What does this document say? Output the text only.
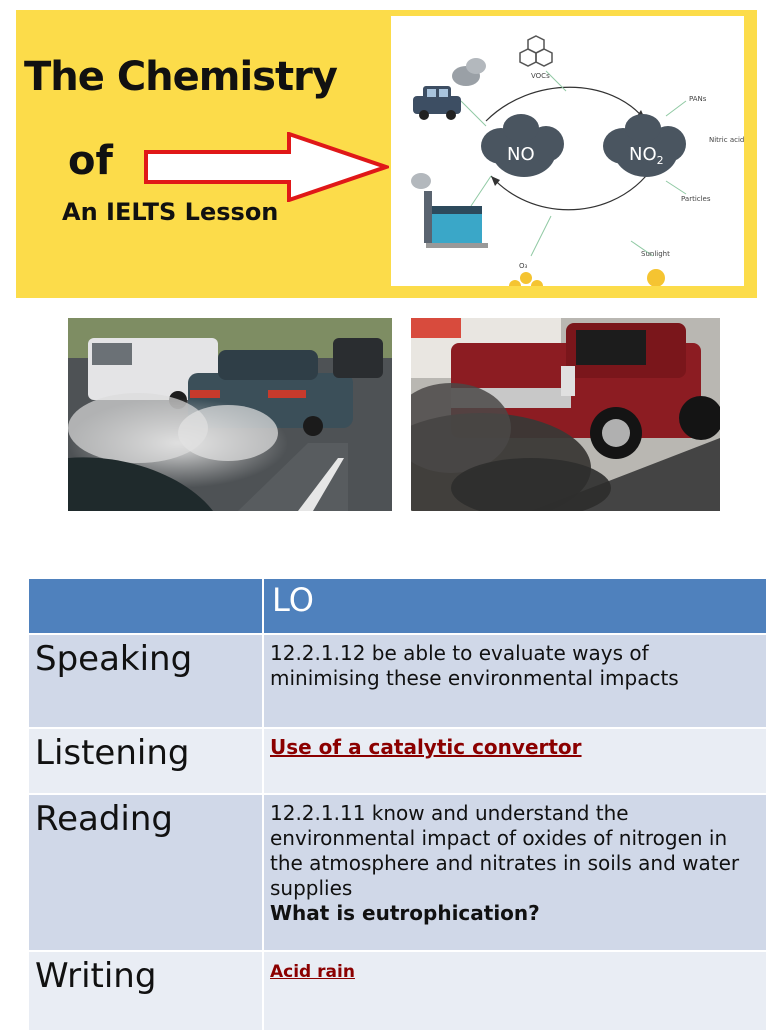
The Chemistry
of
An IELTS Lesson
NO	$NO_2$
VOCs
PANs
Nitric acid
Particles
Sunlight
O₃
	LO
Speaking	12.2.1.12 be able to evaluate ways of minimising these environmental impacts
Listening	Use of a catalytic convertor
Reading	12.2.1.11 know and understand the environmental impact of oxides of nitrogen in the atmosphere and nitrates in soils and water supplies
What is eutrophication?

Writing	Acid rain
